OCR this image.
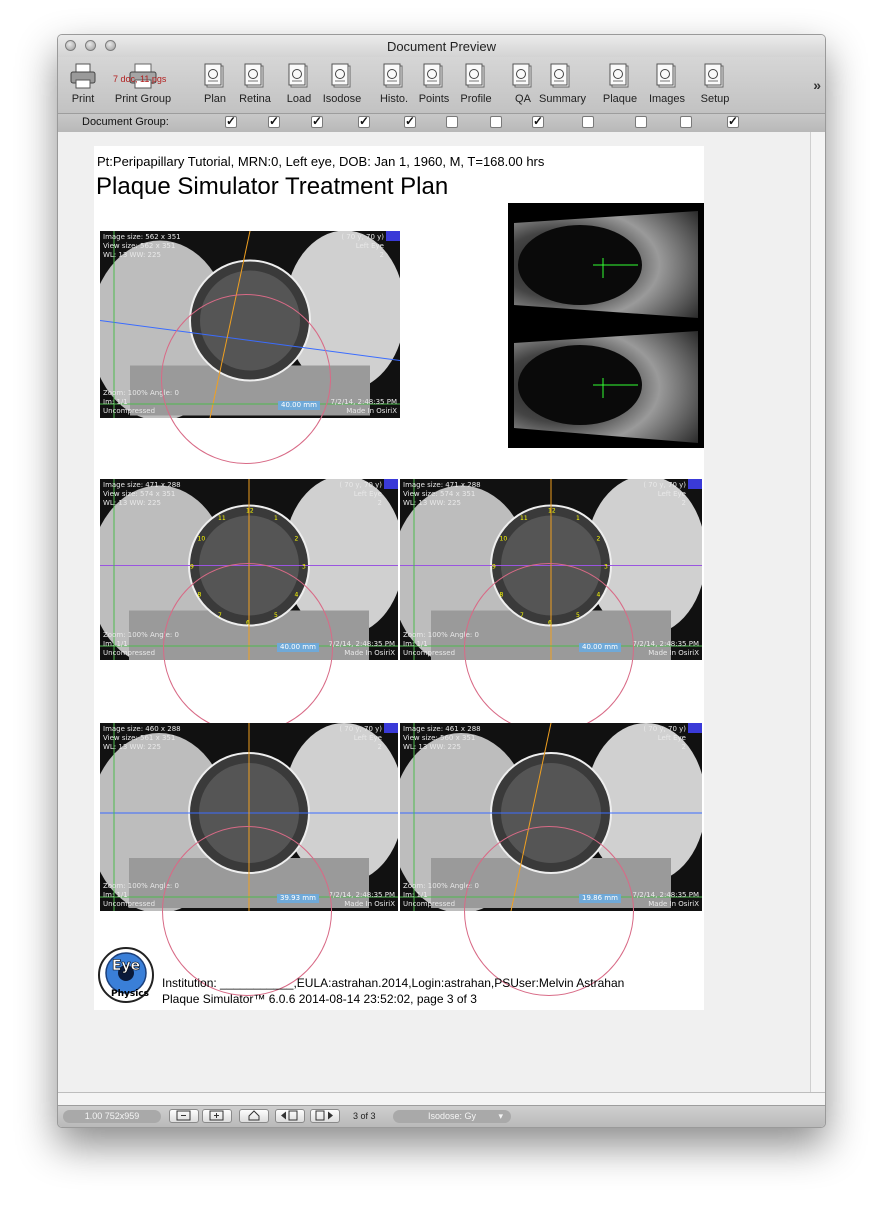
Document Preview
Print	Print Group
7 doc, 11 pgs
Plan	Retina	Load	Isodose	Histo. Points	Profile	QA Summary	Plaque	Images	Setup
»
Document Group:	✓	✓	✓	✓	✓	✓	✓
1.00 752x959	3 of 3	Isodose: Gy ▾
Pt:Peripapillary Tutorial, MRN:0, Left eye, DOB: Jan 1, 1960, M, T=168.00 hrs
Plaque Simulator Treatment Plan
Image size: 562 x 351
View size: 562 x 351
WL: 13 WW: 225
( 70 y, 70 y)
Left Eye
2
Zoom: 100% Angle: 0
Im: 1/1
Uncompressed
7/2/14, 2:48:35 PM
Made In OsiriX
40.00 mm
12
1
2
3
4
5
6
7
8
9
10
11
Image size: 471 x 288
View size: 574 x 351
WL: 13 WW: 225
( 70 y, 70 y)
Left Eye
2
Zoom: 100% Angle: 0
Im: 1/1
Uncompressed
7/2/14, 2:48:35 PM
Made In OsiriX
40.00 mm
12
1
2
3
4
5
6
7
8
9
10
11
Image size: 471 x 288
View size: 574 x 351
WL: 13 WW: 225
( 70 y, 70 y)
Left Eye
2
Zoom: 100% Angle: 0
Im: 1/1
Uncompressed
7/2/14, 2:48:35 PM
Made In OsiriX
40.00 mm
Image size: 460 x 288
View size: 561 x 351
WL: 13 WW: 225
( 70 y, 70 y)
Left Eye
2
Zoom: 100% Angle: 0
Im: 1/1
Uncompressed
7/2/14, 2:48:35 PM
Made In OsiriX
39.93 mm
Image size: 461 x 288
View size: 560 x 351
WL: 13 WW: 225
( 70 y, 70 y)
Left Eye
2
Zoom: 100% Angle: 0
Im: 1/1
Uncompressed
7/2/14, 2:48:35 PM
Made In OsiriX
19.86 mm
Eye
Physics
Institution: ___________,EULA:astrahan.2014,Login:astrahan,PSUser:Melvin Astrahan
Plaque Simulator™ 6.0.6 2014-08-14 23:52:02, page 3 of 3
